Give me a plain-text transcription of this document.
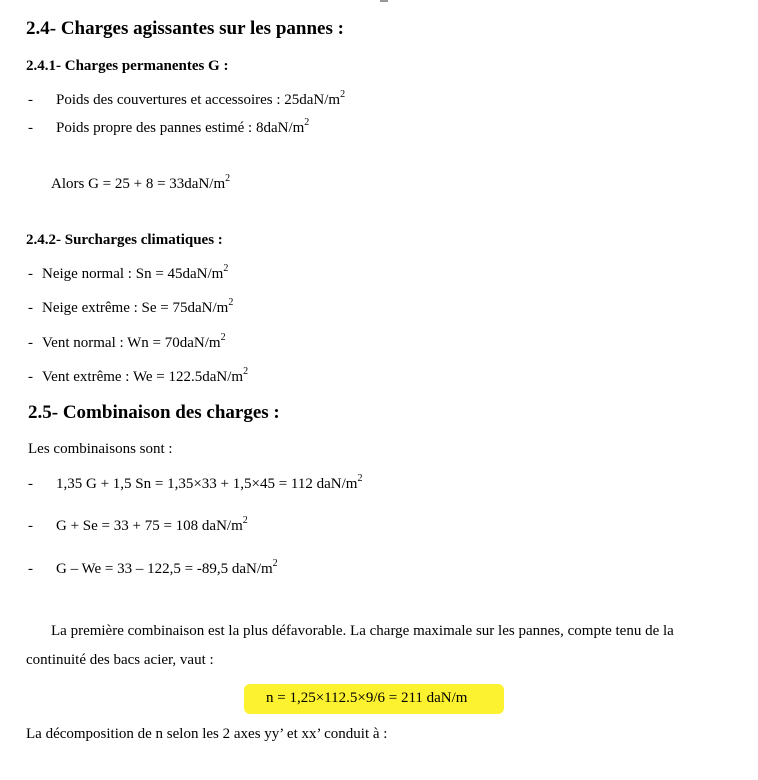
2.4- Charges agissantes sur les pannes :
2.4.1- Charges permanentes G :
- Poids des couvertures et accessoires : $25daN/m^2$
- Poids propre des pannes estimé : $8daN/m^2$
Alors $G = 25 + 8 = 33daN/m^2$
2.4.2- Surcharges climatiques :
- Neige normal : $Sn = 45daN/m^2$
- Neige extrême : $Se = 75daN/m^2$
- Vent normal : $Wn = 70daN/m^2$
- Vent extrême : $We = 122.5daN/m^2$
2.5- Combinaison des charges :
Les combinaisons sont :
- 1,35 G + 1,5 Sn = 1,35×33 + 1,5×45 = 112 daN/$m^2$
- G + Se = 33 + 75 = 108 daN/$m^2$
- G – We = 33 – 122,5 = -89,5 daN/$m^2$
La première combinaison est la plus défavorable. La charge maximale sur les pannes, compte tenu de la
continuité des bacs acier, vaut :
n = 1,25×112.5×9/6 = 211 daN/m
La décomposition de n selon les 2 axes yy’ et xx’ conduit à :
